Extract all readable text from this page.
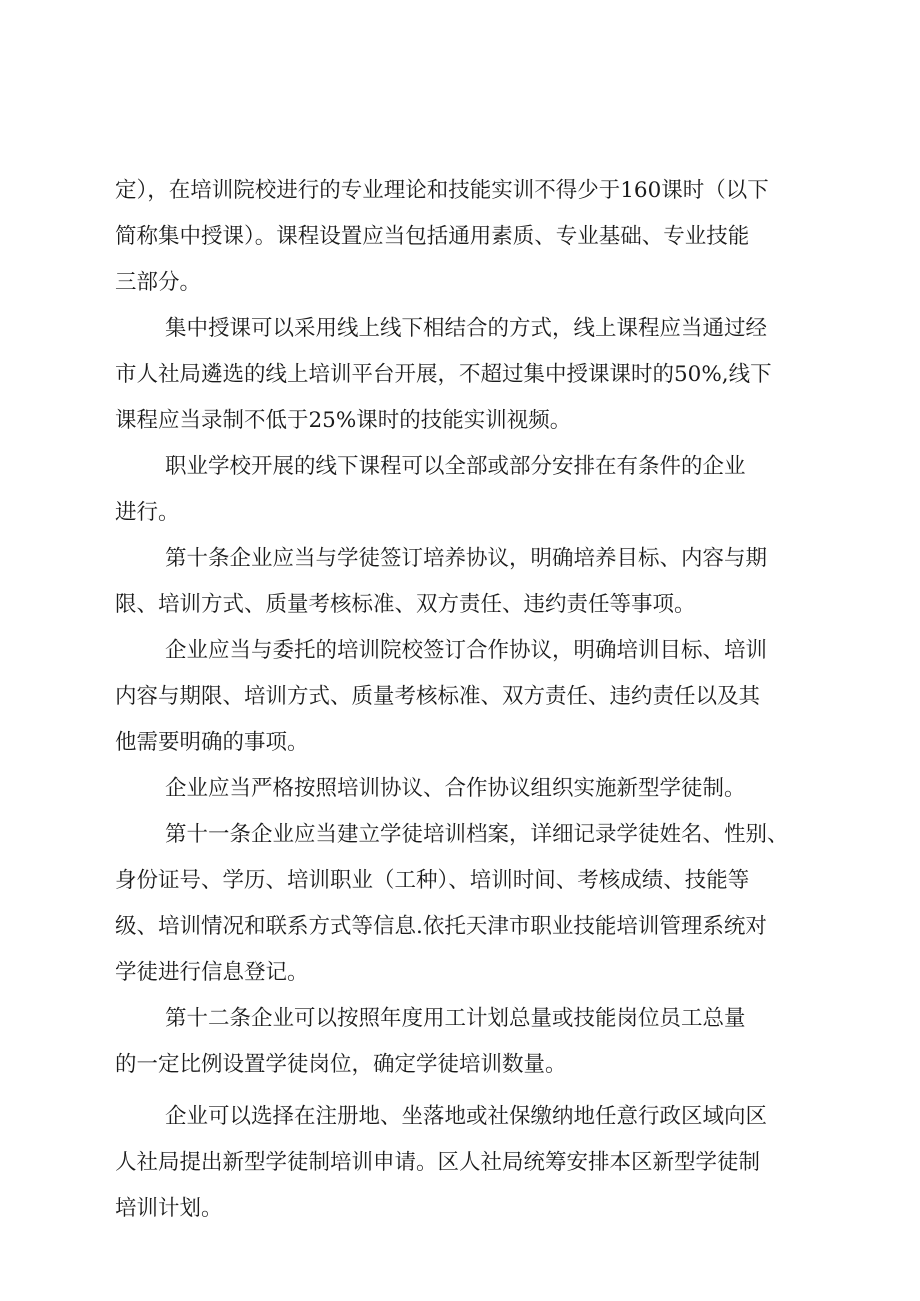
定），在培训院校进行的专业理论和技能实训不得少于160课时（以下
简称集中授课）。课程设置应当包括通用素质、专业基础、专业技能
三部分。
集中授课可以采用线上线下相结合的方式，线上课程应当通过经
市人社局遴选的线上培训平台开展，不超过集中授课课时的50%,线下
课程应当录制不低于25%课时的技能实训视频。
职业学校开展的线下课程可以全部或部分安排在有条件的企业
进行。
第十条企业应当与学徒签订培养协议，明确培养目标、内容与期
限、培训方式、质量考核标准、双方责任、违约责任等事项。
企业应当与委托的培训院校签订合作协议，明确培训目标、培训
内容与期限、培训方式、质量考核标准、双方责任、违约责任以及其
他需要明确的事项。
企业应当严格按照培训协议、合作协议组织实施新型学徒制。
第十一条企业应当建立学徒培训档案，详细记录学徒姓名、性别、
身份证号、学历、培训职业（工种）、培训时间、考核成绩、技能等
级、培训情况和联系方式等信息.依托天津市职业技能培训管理系统对
学徒进行信息登记。
第十二条企业可以按照年度用工计划总量或技能岗位员工总量
的一定比例设置学徒岗位，确定学徒培训数量。
企业可以选择在注册地、坐落地或社保缴纳地任意行政区域向区
人社局提出新型学徒制培训申请。区人社局统筹安排本区新型学徒制
培训计划。
